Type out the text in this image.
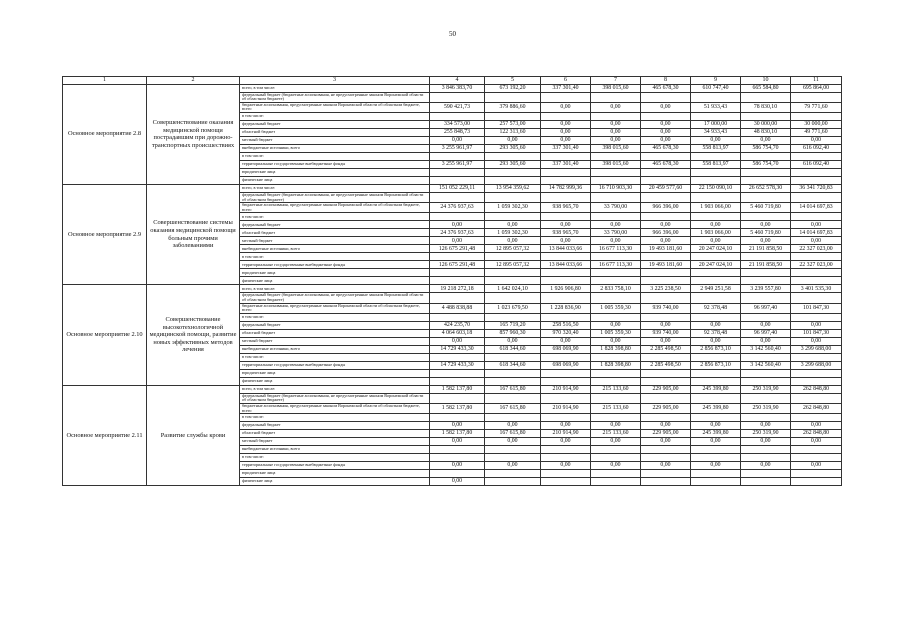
50
1	2	3	4	5	6	7	8	9	10	11
Основное мероприятие 2.8	Совершенствование оказания медицинской помощи пострадавшим при дорожно-транспортных происшествиях	всего, в том числе:	3 846 383,70	673 192,20	337 301,40	398 015,60	465 678,30	610 747,40	665 584,80	695 864,00
		федеральный бюджет (бюджетные ассигнования, не предусмотренные законом Воронежской области об областном бюджете)								
		бюджетные ассигнования, предусмотренные законом Воронежской области об областном бюджете, всего	590 421,73	379 886,60	0,00	0,00	0,00	51 933,43	78 830,10	79 771,60
		в том числе:								
		федеральный бюджет	334 573,00	257 573,00	0,00	0,00	0,00	17 000,00	30 000,00	30 000,00
		областной бюджет	255 848,73	122 313,60	0,00	0,00	0,00	34 933,43	48 830,10	49 771,60
		местный бюджет	0,00	0,00	0,00	0,00	0,00	0,00	0,00	0,00
		внебюджетные источники, всего	3 255 961,97	293 305,60	337 301,40	398 015,60	465 678,30	558 813,97	586 754,70	616 092,40
		в том числе:								
		территориальные государственные внебюджетные фонды	3 255 961,97	293 305,60	337 301,40	398 015,60	465 678,30	558 813,97	586 754,70	616 092,40
		юридические лица								
		физические лица								
Основное мероприятие 2.9	Совершенствование системы оказания медицинской помощи больным прочими заболеваниями	всего, в том числе:	151 052 229,11	13 954 359,62	14 782 999,36	16 710 903,30	20 459 577,60	22 150 090,10	26 652 578,30	36 341 720,83
		федеральный бюджет (бюджетные ассигнования, не предусмотренные законом Воронежской области об областном бюджете)								
		бюджетные ассигнования, предусмотренные законом Воронежской области об областном бюджете, всего	24 376 937,63	1 059 302,30	938 965,70	33 790,00	966 396,00	1 903 066,00	5 460 719,80	14 014 697,83
		в том числе:								
		федеральный бюджет	0,00	0,00	0,00	0,00	0,00	0,00	0,00	0,00
		областной бюджет	24 376 937,63	1 059 302,30	938 965,70	33 790,00	966 396,00	1 903 066,00	5 460 719,80	14 014 697,83
		местный бюджет	0,00	0,00	0,00	0,00	0,00	0,00	0,00	0,00
		внебюджетные источники, всего	126 675 291,48	12 895 057,32	13 844 033,66	16 677 113,30	19 493 181,60	20 247 024,10	21 191 858,50	22 327 023,00
		в том числе:								
		территориальные государственные внебюджетные фонды	126 675 291,48	12 895 057,32	13 844 033,66	16 677 113,30	19 493 181,60	20 247 024,10	21 191 858,50	22 327 023,00
		юридические лица								
		физические лица								
Основное мероприятие 2.10	Совершенствование высокотехнологичной медицинской помощи, развитие новых эффективных методов лечения	всего, в том числе:	19 218 272,18	1 642 024,10	1 926 906,80	2 833 758,10	3 225 238,50	2 949 251,58	3 239 557,80	3 401 535,30
		федеральный бюджет (бюджетные ассигнования, не предусмотренные законом Воронежской области об областном бюджете)								
		бюджетные ассигнования, предусмотренные законом Воронежской области об областном бюджете, всего	4 488 838,88	1 023 679,50	1 228 836,90	1 005 359,30	939 740,00	92 378,48	96 997,40	101 847,30
		в том числе:								
		федеральный бюджет	424 235,70	165 719,20	258 516,50	0,00	0,00	0,00	0,00	0,00
		областной бюджет	4 064 603,18	857 960,30	970 320,40	1 005 359,30	939 740,00	92 378,48	96 997,40	101 847,30
		местный бюджет	0,00	0,00	0,00	0,00	0,00	0,00	0,00	0,00
		внебюджетные источники, всего	14 729 433,30	618 344,60	698 069,90	1 828 398,80	2 285 498,50	2 856 873,10	3 142 560,40	3 299 688,00
		в том числе:								
		территориальные государственные внебюджетные фонды	14 729 433,30	618 344,60	698 069,90	1 828 398,80	2 285 498,50	2 856 873,10	3 142 560,40	3 299 688,00
		юридические лица								
		физические лица								
Основное мероприятие 2.11	Развитие службы крови	всего, в том числе:	1 582 137,80	167 615,80	210 914,90	215 133,60	229 905,00	245 399,80	250 319,90	262 848,80
		федеральный бюджет (бюджетные ассигнования, не предусмотренные законом Воронежской области об областном бюджете)								
		бюджетные ассигнования, предусмотренные законом Воронежской области об областном бюджете, всего	1 582 137,80	167 615,80	210 914,90	215 133,60	229 905,00	245 399,80	250 319,90	262 848,80
		в том числе:								
		федеральный бюджет	0,00	0,00	0,00	0,00	0,00	0,00	0,00	0,00
		областной бюджет	1 582 137,80	167 615,80	210 914,90	215 133,60	229 905,00	245 399,80	250 319,90	262 848,80
		местный бюджет	0,00	0,00	0,00	0,00	0,00	0,00	0,00	0,00
		внебюджетные источники, всего								
		в том числе:								
		территориальные государственные внебюджетные фонды	0,00	0,00	0,00	0,00	0,00	0,00	0,00	0,00
		юридические лица								
		физические лица	0,00							
